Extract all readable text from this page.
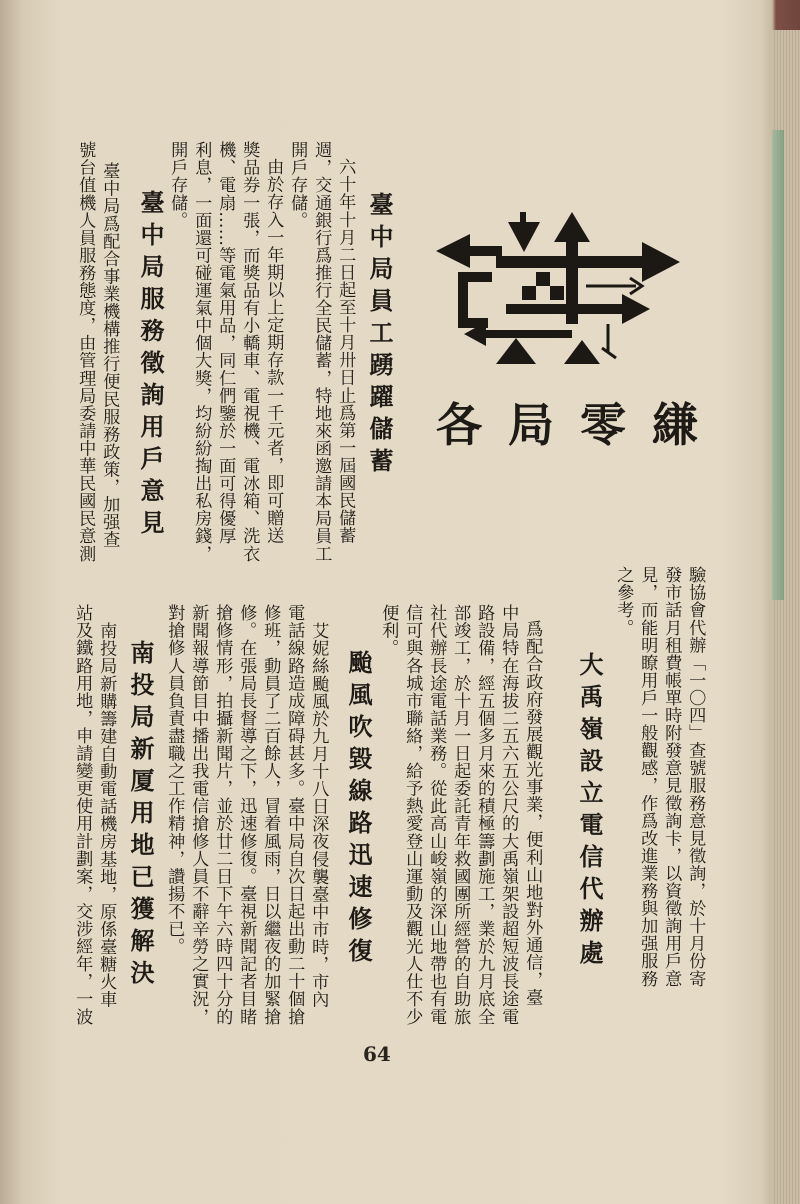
各局零縑
驗協會代辦「一〇四」查號服務意見徵詢，於十月份寄
發市話月租費帳單時附發意見徵詢卡，以資徵詢用戶意
見，而能明瞭用戶一般觀感，作爲改進業務與加强服務
之參考。
大禹嶺設立電信代辦處
爲配合政府發展觀光事業，便利山地對外通信，臺
中局特在海拔二五六五公尺的大禹嶺架設超短波長途電
路設備，經五個多月來的積極籌劃施工，業於九月底全
部竣工，於十月一日起委託青年救國團所經營的自助旅
社代辦長途電話業務。從此高山峻嶺的深山地帶也有電
信可與各城市聯絡，給予熱愛登山運動及觀光人仕不少
便利。
臺中局員工踴躍儲蓄
六十年十月二日起至十月卅日止爲第一屆國民儲蓄
週，交通銀行爲推行全民儲蓄，特地來函邀請本局員工
開戶存儲。
由於存入一年期以上定期存款一千元者，即可贈送
獎品券一張，而獎品有小轎車、電視機、電冰箱、洗衣
機、電扇……等電氣用品，同仁們鑒於一面可得優厚
利息，一面還可碰運氣中個大獎，均紛紛掏出私房錢，
開戶存儲。
臺中局服務徵詢用戶意見
臺中局爲配合事業機構推行便民服務政策，加强查
號台值機人員服務態度，由管理局委請中華民國民意測
颱風吹毀線路迅速修復
艾妮絲颱風於九月十八日深夜侵襲臺中市時，市內
電話線路造成障碍甚多。臺中局自次日起出動二十個搶
修班，動員了二百餘人，冒着風雨，日以繼夜的加緊搶
修。在張局長督導之下，迅速修復。臺視新聞記者目睹
搶修情形，拍攝新聞片，並於廿二日下午六時四十分的
新聞報導節目中播出我電信搶修人員不辭辛勞之實況，
對搶修人員負責盡職之工作精神，讚揚不已。
南投局新厦用地已獲解決
南投局新購籌建自動電話機房基地，原係臺糖火車
站及鐵路用地，申請變更使用計劃案，交涉經年，一波
64
